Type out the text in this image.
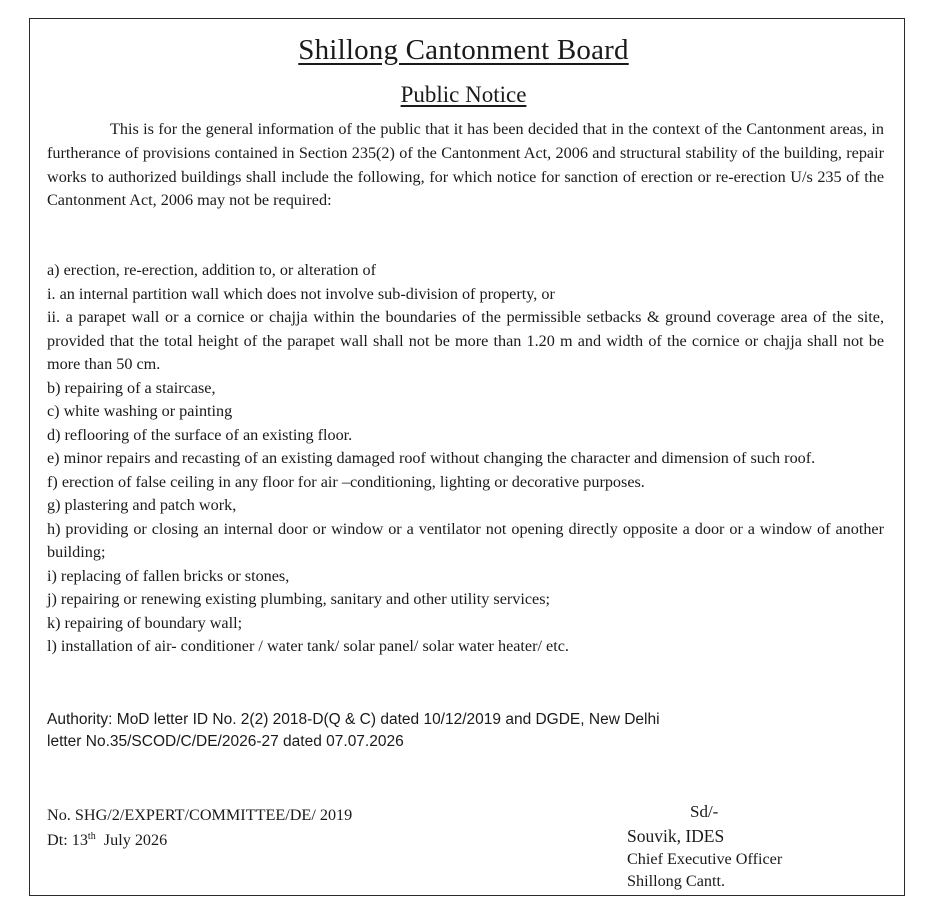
Shillong Cantonment Board
Public Notice

This is for the general information of the public that it has been decided that in the context of the Cantonment areas, in furtherance of provisions contained in Section 235(2) of the Cantonment Act, 2006 and structural stability of the building, repair works to authorized buildings shall include the following, for which notice for sanction of erection or re-erection U/s 235 of the Cantonment Act, 2006 may not be required:

a) erection, re-erection, addition to, or alteration of
i. an internal partition wall which does not involve sub-division of property, or
ii. a parapet wall or a cornice or chajja within the boundaries of the permissible setbacks & ground coverage area of the site, provided that the total height of the parapet wall shall not be more than 1.20 m and width of the cornice or chajja shall not be more than 50 cm.
b) repairing of a staircase,
c) white washing or painting
d) reflooring of the surface of an existing floor.
e) minor repairs and recasting of an existing damaged roof without changing the character and dimension of such roof.
f) erection of false ceiling in any floor for air –conditioning, lighting or decorative purposes.
g) plastering and patch work,
h) providing or closing an internal door or window or a ventilator not opening directly opposite a door or a window of another building;
i) replacing of fallen bricks or stones,
j) repairing or renewing existing plumbing, sanitary and other utility services;
k) repairing of boundary wall;
l) installation of air- conditioner / water tank/ solar panel/ solar water heater/ etc.
Authority: MoD letter ID No. 2(2) 2018-D(Q & C) dated 10/12/2019 and DGDE, New Delhi
letter No.35/SCOD/C/DE/2026-27 dated 07.07.2026
No. SHG/2/EXPERT/COMMITTEE/DE/ 2019
Dt: 13th  July 2026
Sd/-
Souvik, IDES
Chief Executive Officer
Shillong Cantt.
